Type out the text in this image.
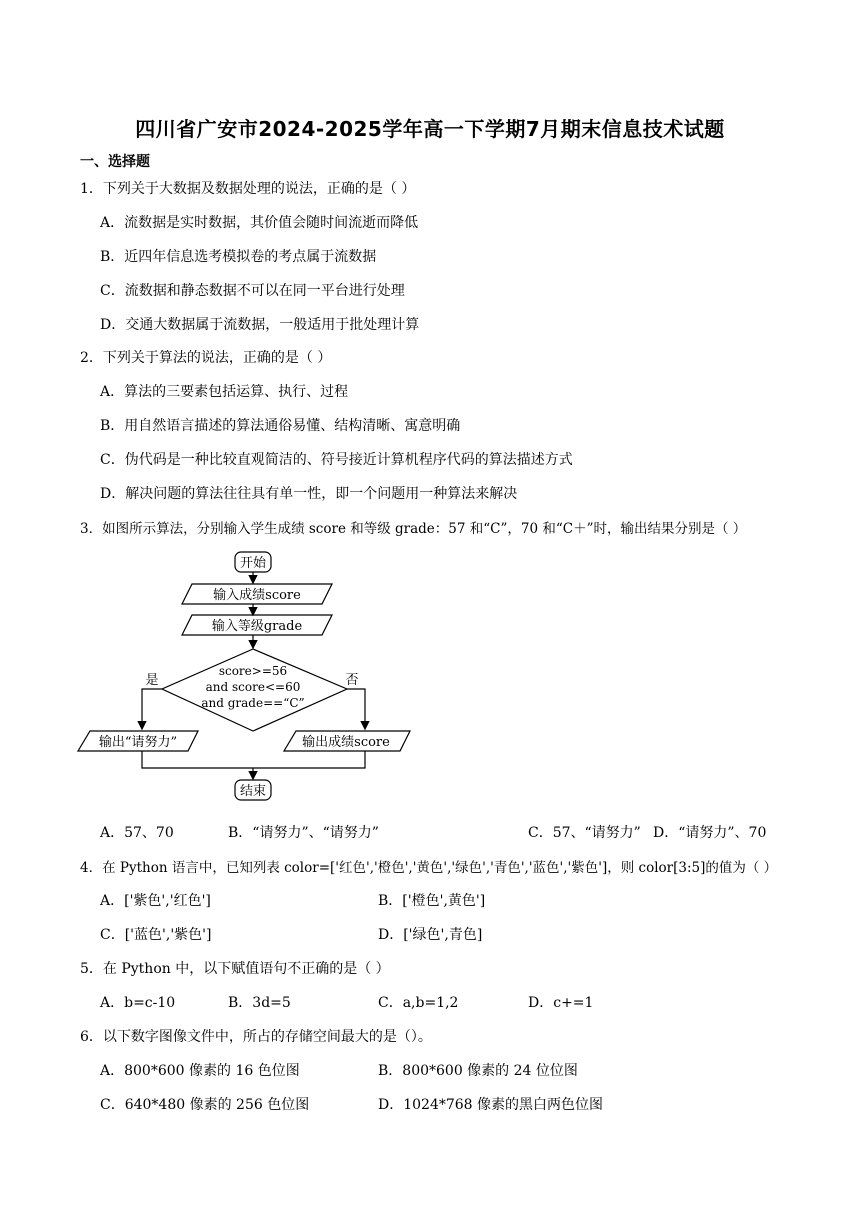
四川省广安市2024-2025学年高一下学期7月期末信息技术试题
一、选择题
1．下列关于大数据及数据处理的说法，正确的是（ ）
A．流数据是实时数据，其价值会随时间流逝而降低
B．近四年信息选考模拟卷的考点属于流数据
C．流数据和静态数据不可以在同一平台进行处理
D．交通大数据属于流数据，一般适用于批处理计算
2．下列关于算法的说法，正确的是（ ）
A．算法的三要素包括运算、执行、过程
B．用自然语言描述的算法通俗易懂、结构清晰、寓意明确
C．伪代码是一种比较直观简洁的、符号接近计算机程序代码的算法描述方式
D．解决问题的算法往往具有单一性，即一个问题用一种算法来解决
3．如图所示算法，分别输入学生成绩 score 和等级 grade：57 和“C”，70 和“C＋”时，输出结果分别是（ ）
开始
输入成绩score
输入等级grade
score>=56
and score<=60
and grade==“C”
是	否
输出“请努力”	输出成绩score
结束
A．57、70	B．“请努力”、“请努力”	C．57、“请努力” D．“请努力”、70
4．在 Python 语言中，已知列表 color=['红色','橙色','黄色','绿色','青色','蓝色','紫色']，则 color[3:5]的值为（ ）
A．['紫色','红色']	B．['橙色',黄色']
C．['蓝色','紫色']	D．['绿色',青色]
5．在 Python 中，以下赋值语句不正确的是（ ）
A．b=c-10	B．3d=5	C．a,b=1,2	D．c+=1
6．以下数字图像文件中，所占的存储空间最大的是（）。
A．800*600 像素的 16 色位图	B．800*600 像素的 24 位位图
C．640*480 像素的 256 色位图	D．1024*768 像素的黑白两色位图
